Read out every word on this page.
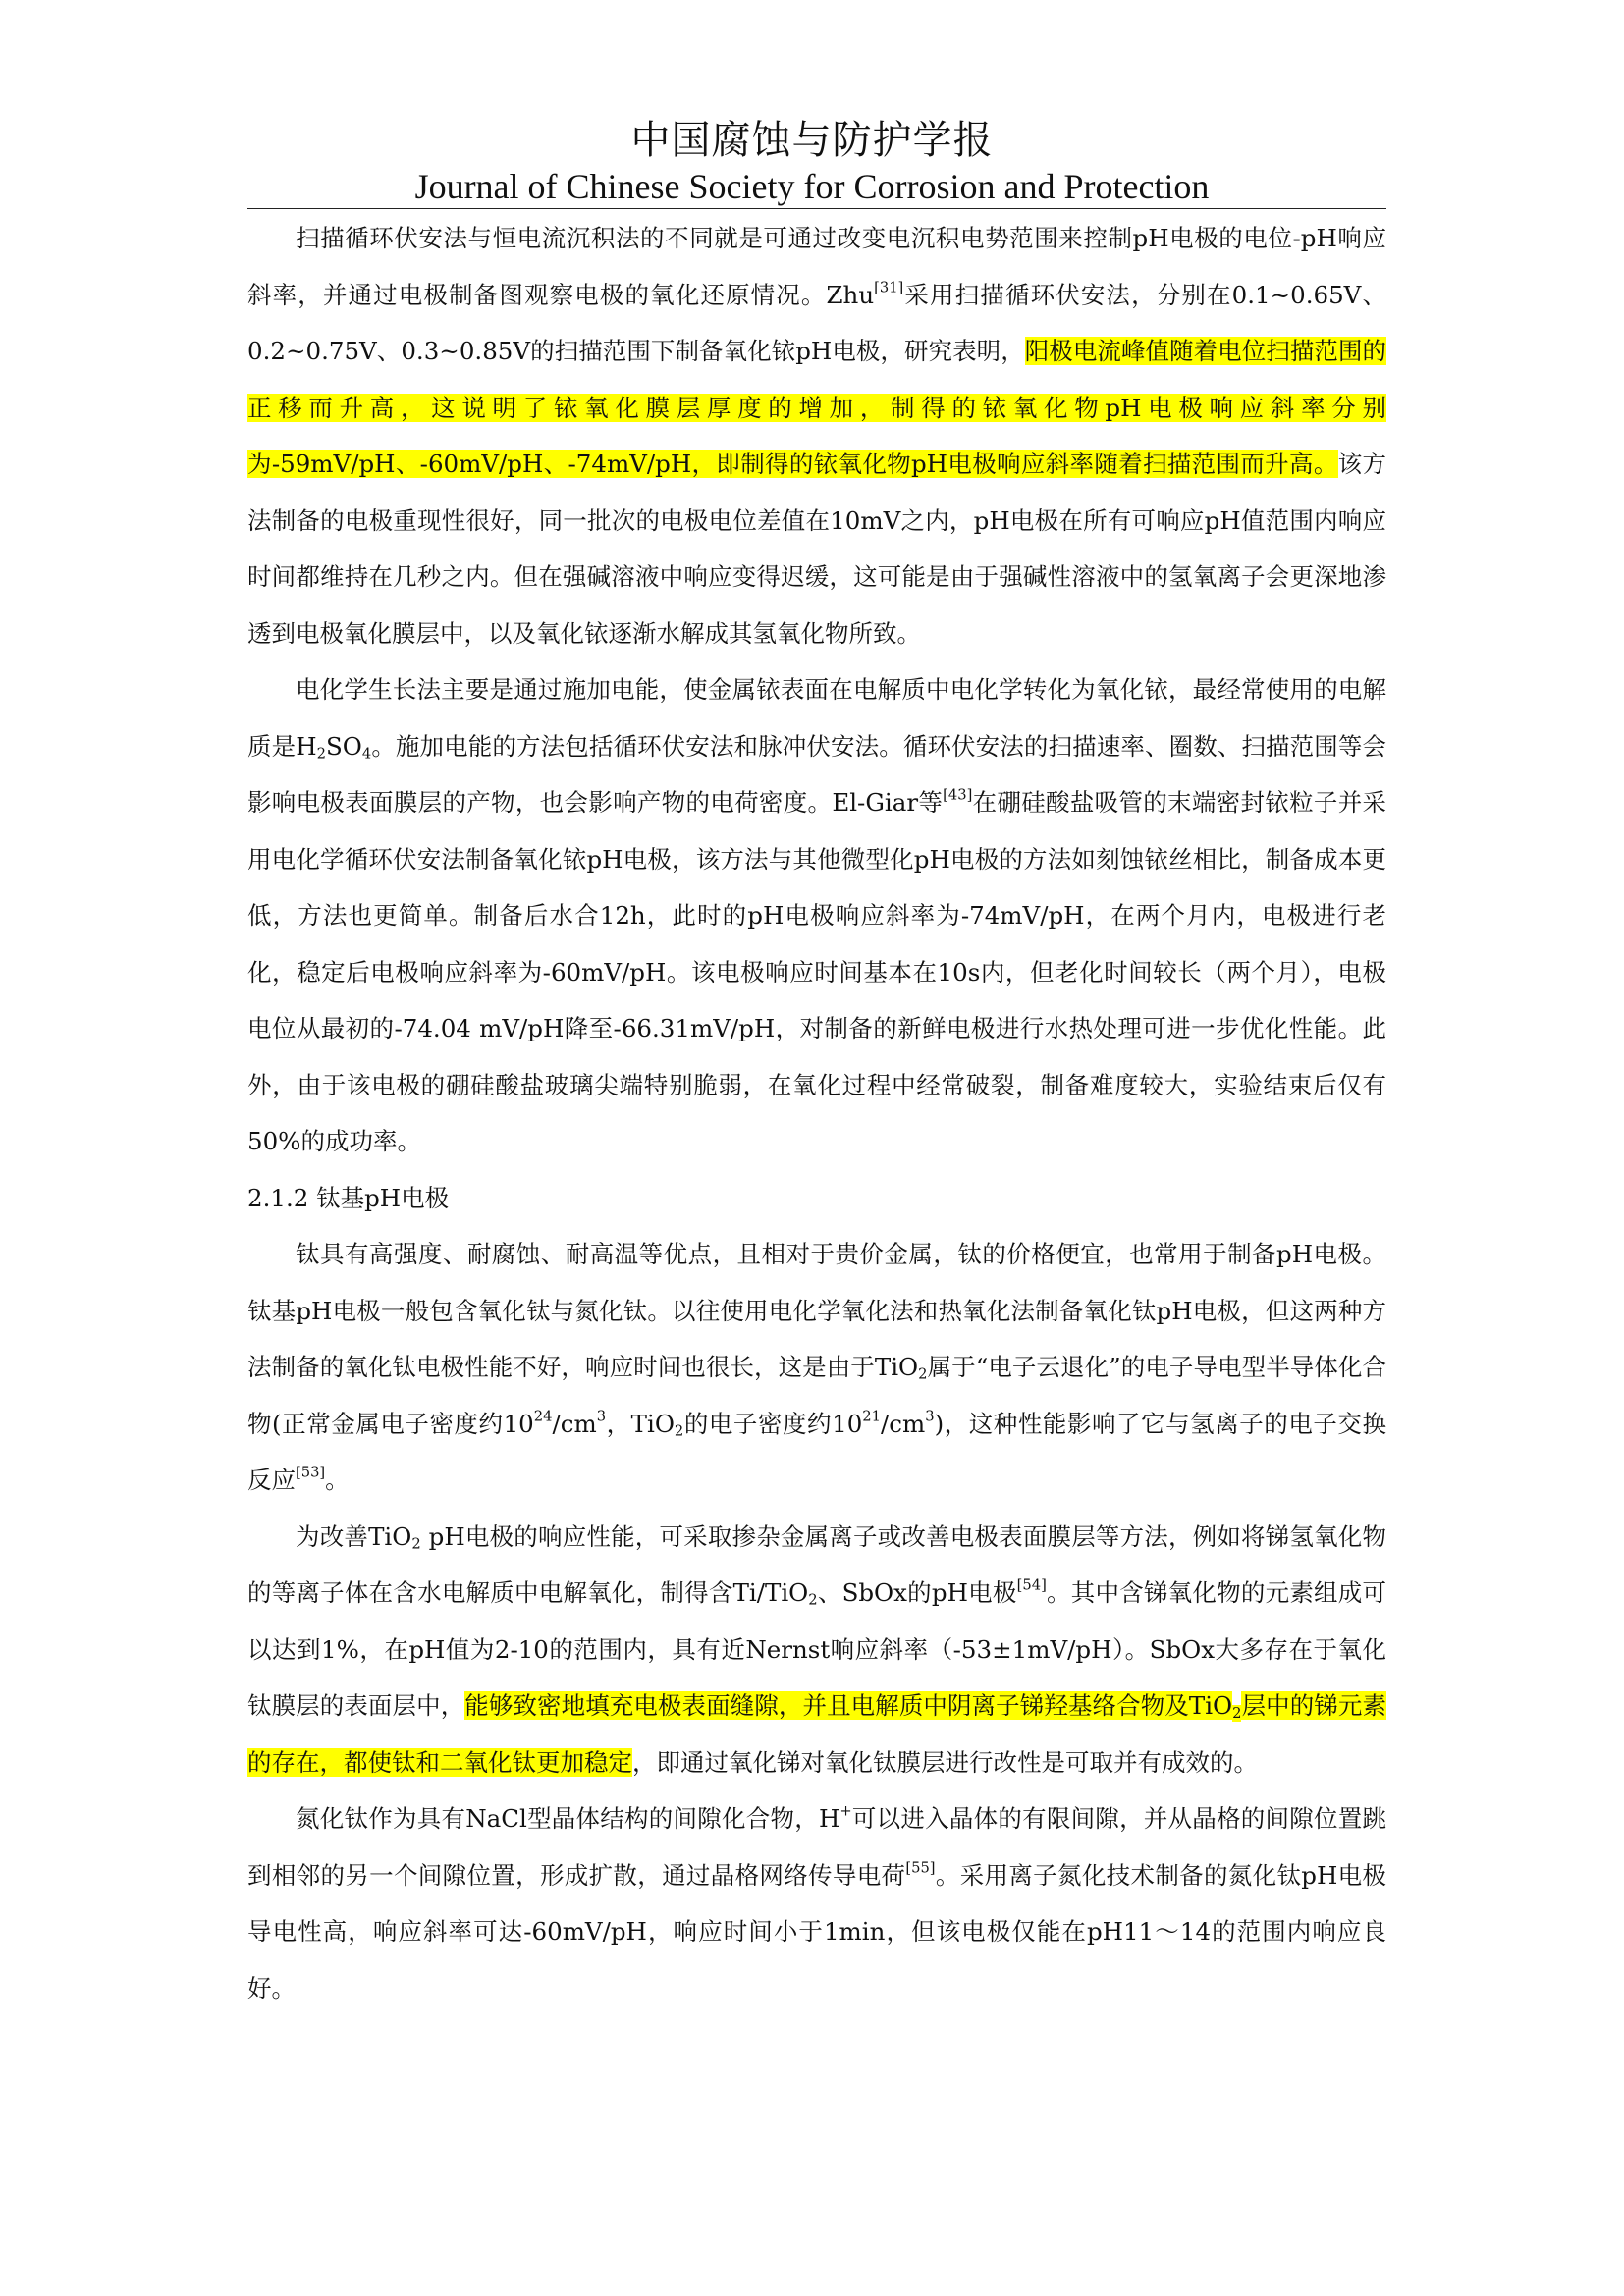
中国腐蚀与防护学报
Journal of Chinese Society for Corrosion and Protection

扫描循环伏安法与恒电流沉积法的不同就是可通过改变电沉积电势范围来控制pH电极的电位-pH响应斜率，并通过电极制备图观察电极的氧化还原情况。Zhu[31]采用扫描循环伏安法，分别在0.1~0.65V、0.2~0.75V、0.3~0.85V的扫描范围下制备氧化铱pH电极，研究表明，阳极电流峰值随着电位扫描范围的正移而升高，这说明了铱氧化膜层厚度的增加，制得的铱氧化物pH电极响应斜率分别为-59mV/pH、-60mV/pH、-74mV/pH，即制得的铱氧化物pH电极响应斜率随着扫描范围而升高。该方法制备的电极重现性很好，同一批次的电极电位差值在10mV之内，pH电极在所有可响应pH值范围内响应时间都维持在几秒之内。但在强碱溶液中响应变得迟缓，这可能是由于强碱性溶液中的氢氧离子会更深地渗透到电极氧化膜层中，以及氧化铱逐渐水解成其氢氧化物所致。

电化学生长法主要是通过施加电能，使金属铱表面在电解质中电化学转化为氧化铱，最经常使用的电解质是$H_2SO_4$。施加电能的方法包括循环伏安法和脉冲伏安法。循环伏安法的扫描速率、圈数、扫描范围等会影响电极表面膜层的产物，也会影响产物的电荷密度。El-Giar等[43]在硼硅酸盐吸管的末端密封铱粒子并采用电化学循环伏安法制备氧化铱pH电极，该方法与其他微型化pH电极的方法如刻蚀铱丝相比，制备成本更低，方法也更简单。制备后水合12h，此时的pH电极响应斜率为-74mV/pH，在两个月内，电极进行老化，稳定后电极响应斜率为-60mV/pH。该电极响应时间基本在10s内，但老化时间较长（两个月），电极电位从最初的-74.04 mV/pH降至-66.31mV/pH，对制备的新鲜电极进行水热处理可进一步优化性能。此外，由于该电极的硼硅酸盐玻璃尖端特别脆弱，在氧化过程中经常破裂，制备难度较大，实验结束后仅有50%的成功率。

2.1.2 钛基pH电极

钛具有高强度、耐腐蚀、耐高温等优点，且相对于贵价金属，钛的价格便宜，也常用于制备pH电极。钛基pH电极一般包含氧化钛与氮化钛。以往使用电化学氧化法和热氧化法制备氧化钛pH电极，但这两种方法制备的氧化钛电极性能不好，响应时间也很长，这是由于TiO$_2$属于“电子云退化”的电子导电型半导体化合物(正常金属电子密度约$10^{24}/cm^3$，TiO$_2$的电子密度约$10^{21}/cm^3$)，这种性能影响了它与氢离子的电子交换反应[53]。

为改善TiO$_2$ pH电极的响应性能，可采取掺杂金属离子或改善电极表面膜层等方法，例如将锑氢氧化物的等离子体在含水电解质中电解氧化，制得含Ti/TiO$_2$、SbOx的pH电极[54]。其中含锑氧化物的元素组成可以达到1%，在pH值为2-10的范围内，具有近Nernst响应斜率（-53±1mV/pH）。SbOx大多存在于氧化钛膜层的表面层中，能够致密地填充电极表面缝隙，并且电解质中阴离子锑羟基络合物及TiO$_2$层中的锑元素的存在，都使钛和二氧化钛更加稳定，即通过氧化锑对氧化钛膜层进行改性是可取并有成效的。

氮化钛作为具有NaCl型晶体结构的间隙化合物，H+可以进入晶体的有限间隙，并从晶格的间隙位置跳到相邻的另一个间隙位置，形成扩散，通过晶格网络传导电荷[55]。采用离子氮化技术制备的氮化钛pH电极导电性高，响应斜率可达-60mV/pH，响应时间小于1min，但该电极仅能在pH11～14的范围内响应良好。
